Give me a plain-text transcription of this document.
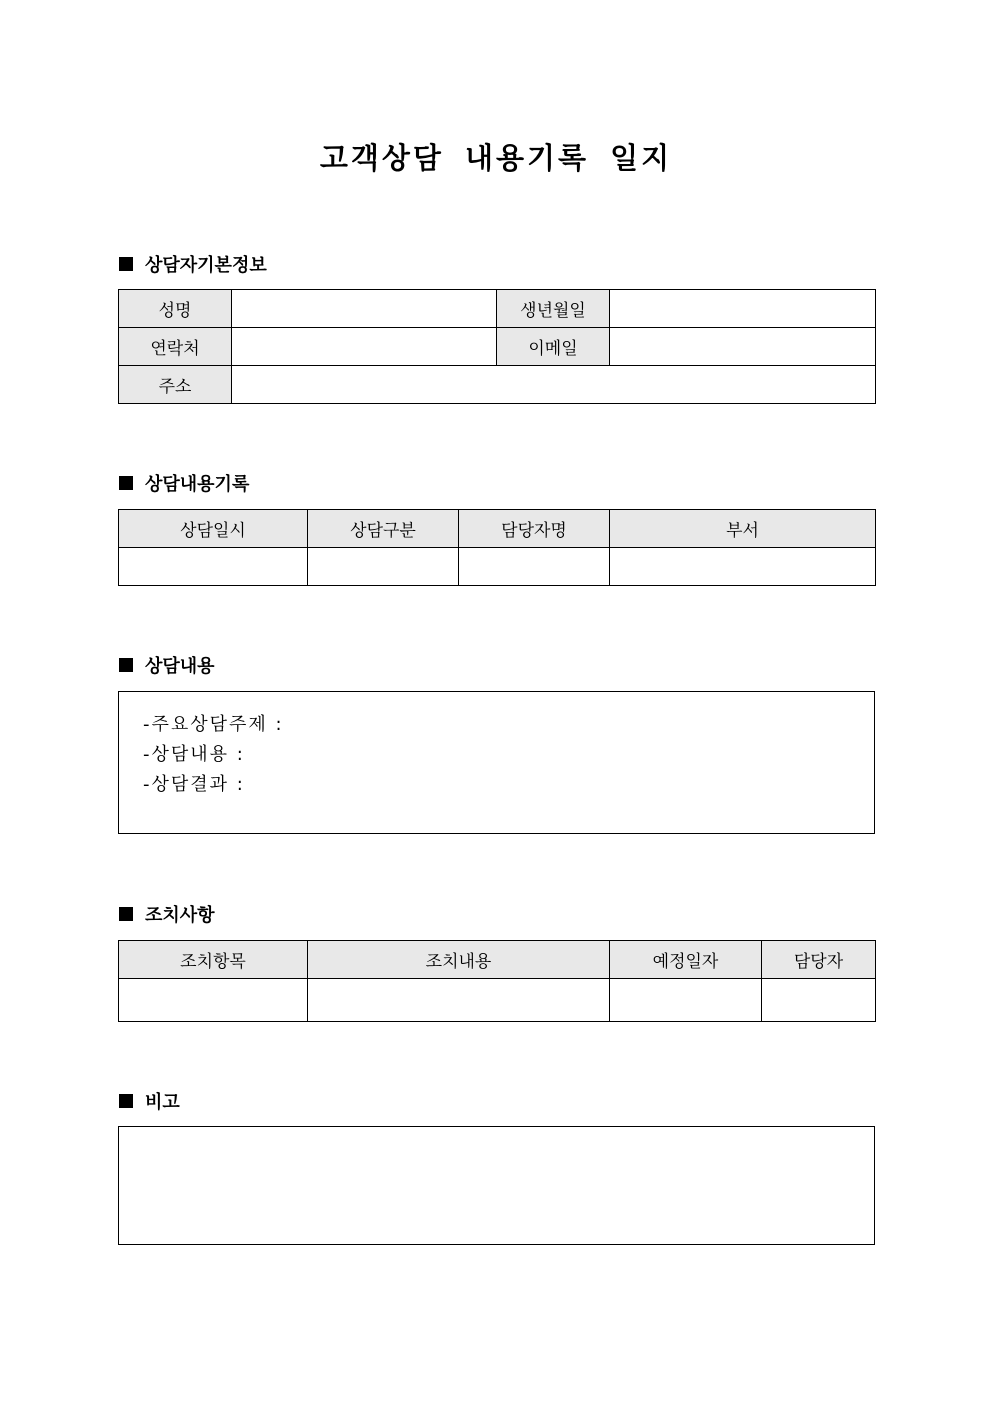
고객상담 내용기록 일지
상담자기본정보
성명		생년월일	
연락처		이메일	
주소			
상담내용기록
상담일시	상담구분	담당자명	부서

상담내용
-주요상담주제 :
-상담내용 :
-상담결과 :
조치사항
조치항목	조치내용	예정일자	담당자

비고
